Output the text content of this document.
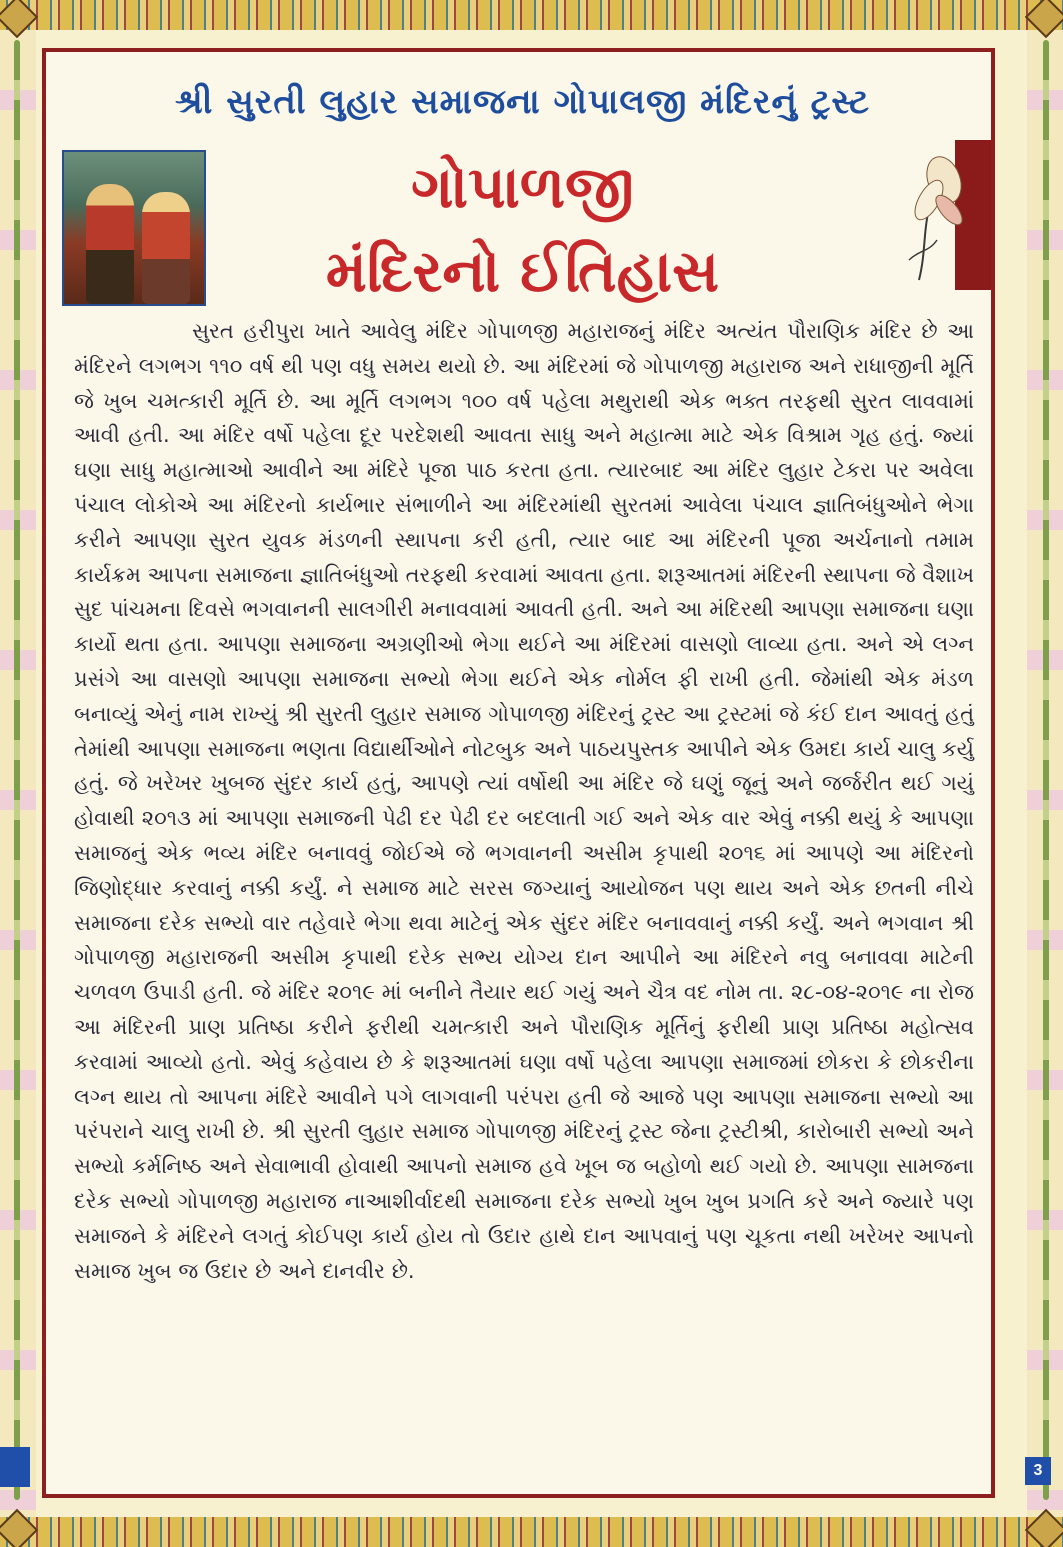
શ્રી સુરતી લુહાર સમાજના ગોપાલજી મંદિરનું ટ્રસ્ટ
ગોપાળજી
મંદિરનો ઈતિહાસ
સુરત હરીપુરા ખાતે આવેલુ મંદિર ગોપાળજી મહારાજનું મંદિર અત્યંત પૌરાણિક મંદિર છે આ મંદિરને લગભગ ૧૧૦ વર્ષ થી પણ વધુ સમય થયો છે. આ મંદિરમાં જે ગોપાળજી મહારાજ અને રાધાજીની મૂર્તિ જે ખુબ ચમત્કારી મૂર્તિ છે. આ મૂર્તિ લગભગ ૧૦૦ વર્ષ પહેલા મથુરાથી એક ભક્ત તરફથી સુરત લાવવામાં આવી હતી. આ મંદિર વર્ષો પહેલા દૂર પરદેશથી આવતા સાધુ અને મહાત્મા માટે એક વિશ્રામ ગૃહ હતું. જ્યાં ઘણા સાધુ મહાત્માઓ આવીને આ મંદિરે પૂજા પાઠ કરતા હતા. ત્યારબાદ આ મંદિર લુહાર ટેકરા પર અવેલા પંચાલ લોકોએ આ મંદિરનો કાર્યભાર સંભાળીને આ મંદિરમાંથી સુરતમાં આવેલા પંચાલ જ્ઞાતિબંધુઓને ભેગા કરીને આપણા સુરત યુવક મંડળની સ્થાપના કરી હતી, ત્યાર બાદ આ મંદિરની પૂજા અર્ચનાનો તમામ કાર્યક્રમ આપના સમાજના જ્ઞાતિબંધુઓ તરફથી કરવામાં આવતા હતા. શરૂઆતમાં મંદિરની સ્થાપના જે વૈશાખ સુદ પાંચમના દિવસે ભગવાનની સાલગીરી મનાવવામાં આવતી હતી. અને આ મંદિરથી આપણા સમાજના ઘણા કાર્યો થતા હતા. આપણા સમાજના અગ્રણીઓ ભેગા થઈને આ મંદિરમાં વાસણો લાવ્યા હતા. અને એ લગ્ન પ્રસંગે આ વાસણો આપણા સમાજના સભ્યો ભેગા થઈને એક નોર્મલ ફી રાખી હતી. જેમાંથી એક મંડળ બનાવ્યું એનું નામ રાખ્યું શ્રી સુરતી લુહાર સમાજ ગોપાળજી મંદિરનું ટ્રસ્ટ આ ટ્રસ્ટમાં જે કંઈ દાન આવતું હતું તેમાંથી આપણા સમાજના ભણતા વિદ્યાર્થીઓને નોટબુક અને પાઠયપુસ્તક આપીને એક ઉમદા કાર્ય ચાલુ કર્યુ હતું. જે ખરેખર ખુબજ સુંદર કાર્ય હતું, આપણે ત્યાં વર્ષોથી આ મંદિર જે ઘણું જૂનું અને જર્જરીત થઈ ગયું હોવાથી ૨૦૧૩ માં આપણા સમાજની પેઢી દર પેઢી દર બદલાતી ગઈ અને એક વાર એવું નક્કી થયું કે આપણા સમાજનું એક ભવ્ય મંદિર બનાવવું જોઈએ જે ભગવાનની અસીમ કૃપાથી ૨૦૧૬ માં આપણે આ મંદિરનો જિણોદ્ધાર કરવાનું નક્કી કર્યું. ને સમાજ માટે સરસ જગ્યાનું આયોજન પણ થાય અને એક છતની નીચે સમાજના દરેક સભ્યો વાર તહેવારે ભેગા થવા માટેનું એક સુંદર મંદિર બનાવવાનું નક્કી કર્યું. અને ભગવાન શ્રી ગોપાળજી મહારાજની અસીમ કૃપાથી દરેક સભ્ય યોગ્ય દાન આપીને આ મંદિરને નવુ બનાવવા માટેની ચળવળ ઉપાડી હતી. જે મંદિર ૨૦૧૯ માં બનીને તૈયાર થઈ ગયું અને ચૈત્ર વદ નોમ તા. ૨૮-૦૪-૨૦૧૯ ના રોજ આ મંદિરની પ્રાણ પ્રતિષ્ઠા કરીને ફરીથી ચમત્કારી અને પૌરાણિક મૂર્તિનું ફરીથી પ્રાણ પ્રતિષ્ઠા મહોત્સવ કરવામાં આવ્યો હતો. એવું કહેવાય છે કે શરૂઆતમાં ઘણા વર્ષો પહેલા આપણા સમાજમાં છોકરા કે છોકરીના લગ્ન થાય તો આપના મંદિરે આવીને પગે લાગવાની પરંપરા હતી જે આજે પણ આપણા સમાજના સભ્યો આ પરંપરાને ચાલુ રાખી છે. શ્રી સુરતી લુહાર સમાજ ગોપાળજી મંદિરનું ટ્રસ્ટ જેના ટ્રસ્ટીશ્રી, કારોબારી સભ્યો અને સભ્યો કર્મનિષ્ઠ અને સેવાભાવી હોવાથી આપનો સમાજ હવે ખૂબ જ બહોળો થઈ ગયો છે. આપણા સામજના દરેક સભ્યો ગોપાળજી મહારાજ નાઆશીર્વાદથી સમાજના દરેક સભ્યો ખુબ ખુબ પ્રગતિ કરે અને જ્યારે પણ સમાજને કે મંદિરને લગતું કોઈપણ કાર્ય હોય તો ઉદાર હાથે દાન આપવાનું પણ ચૂકતા નથી ખરેખર આપનો સમાજ ખુબ જ ઉદાર છે અને દાનવીર છે.
3
